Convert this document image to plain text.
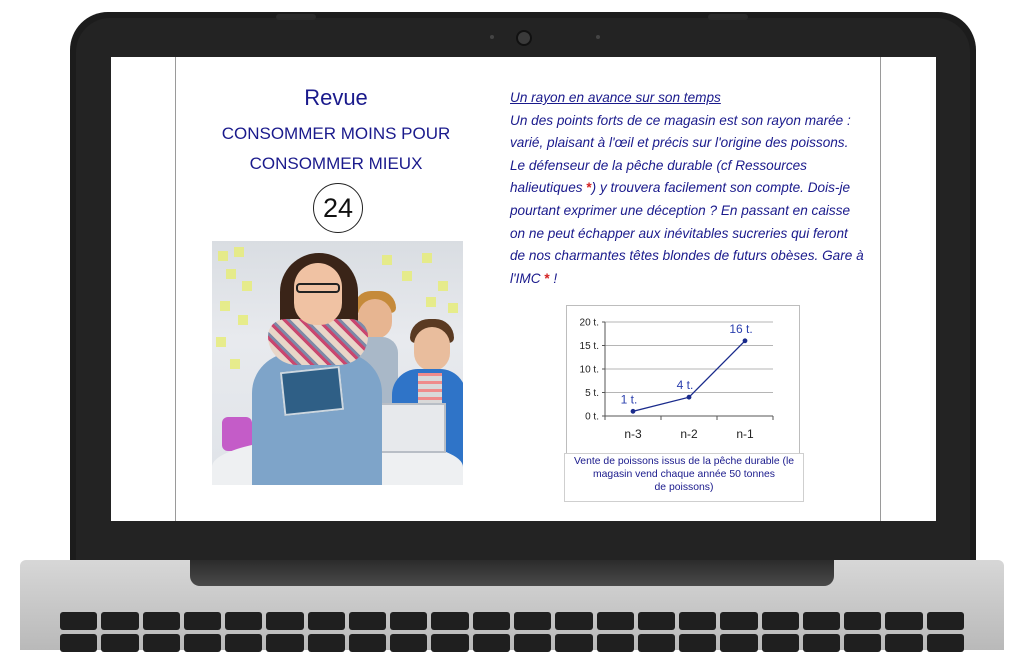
Revue
CONSOMMER MOINS POUR
CONSOMMER MIEUX
24
Un rayon en avance sur son temps
Un des points forts de ce magasin est son rayon marée : varié, plaisant à l'œil et précis sur l'origine des poissons. Le défenseur de la pêche durable (cf Ressources halieutiques *) y trouvera facilement son compte. Dois-je pourtant exprimer une déception ? En passant en caisse on ne peut échapper aux inévitables sucreries qui feront de nos charmantes têtes blondes de futurs obèses. Gare à l'IMC * !
0 t.
5 t.
10 t.
15 t.
20 t.
n-3	n-2	n-1
1 t.
4 t.
16 t.
Vente de poissons issus de la pêche durable (le
magasin vend chaque année 50 tonnes
de poissons)
